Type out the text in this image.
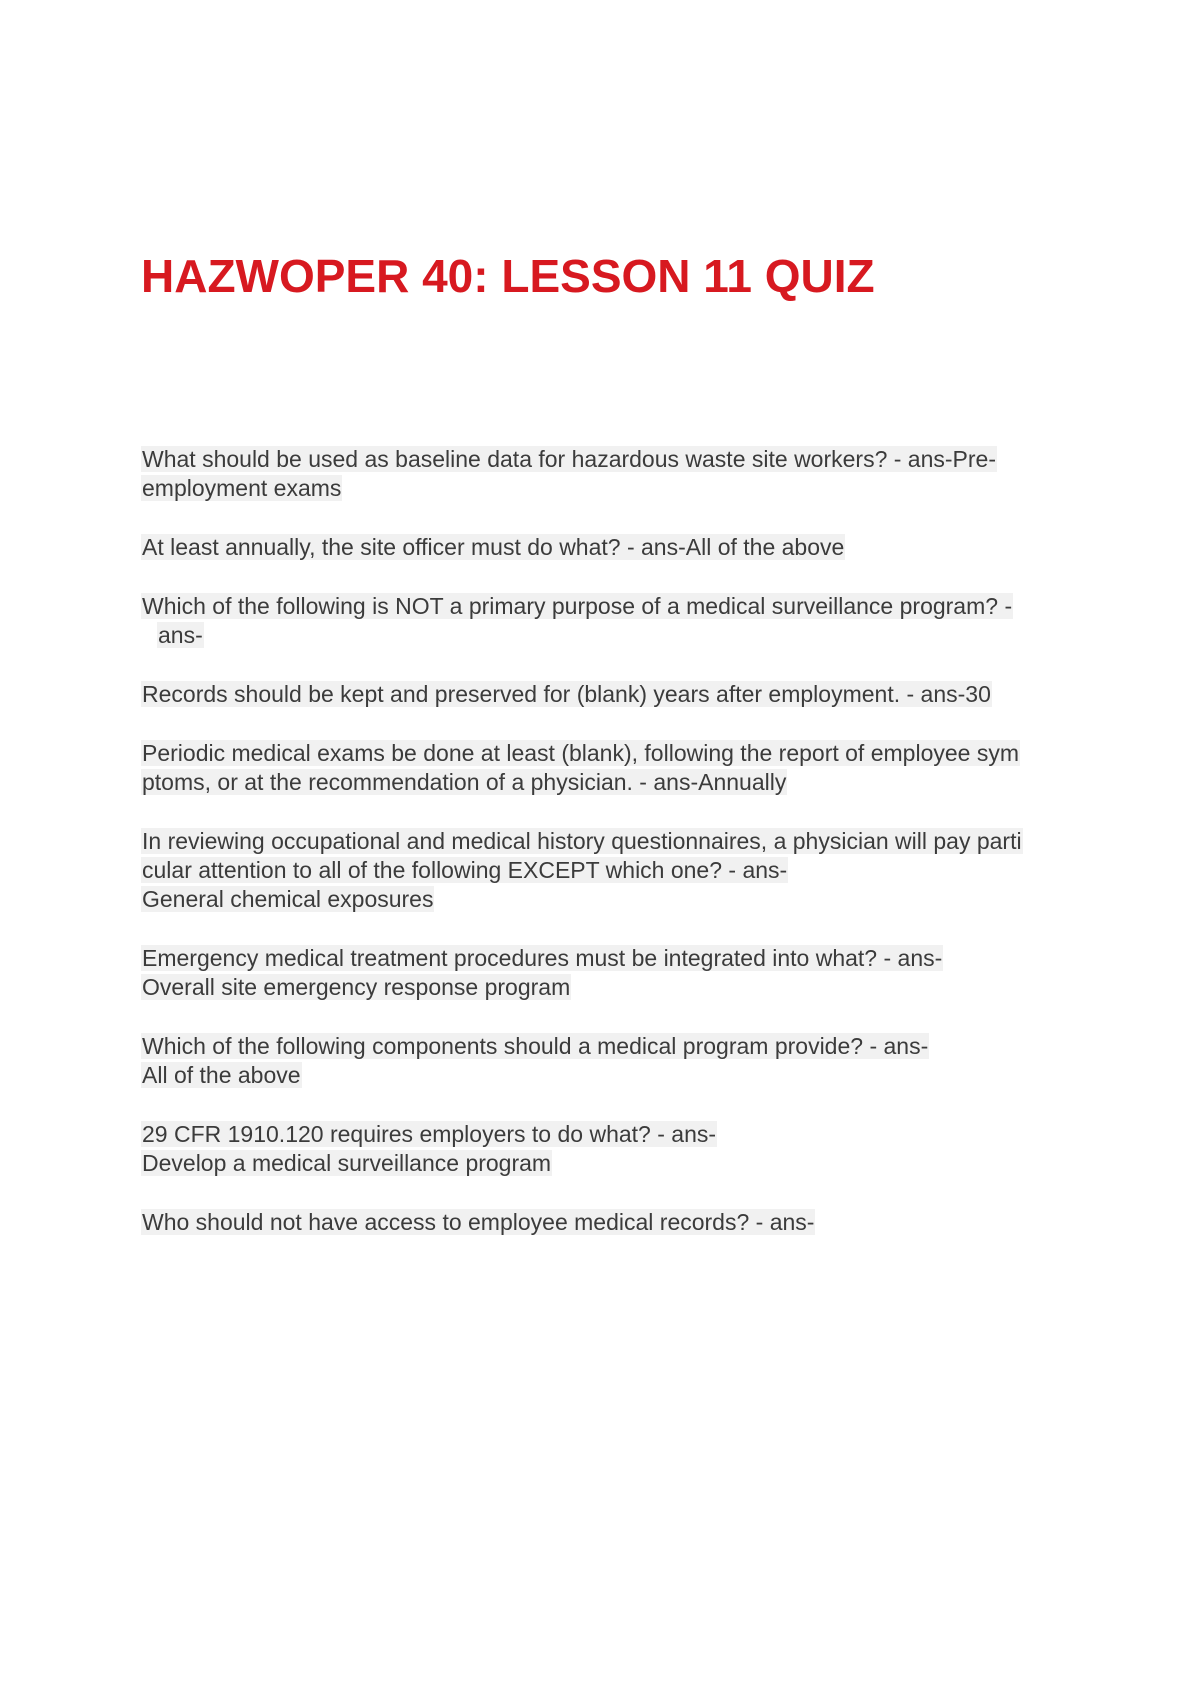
HAZWOPER 40: LESSON 11 QUIZ
What should be used as baseline data for hazardous waste site workers? - ans-Pre-
employment exams
At least annually, the site officer must do what? - ans-All of the above
Which of the following is NOT a primary purpose of a medical surveillance program? -
ans-
Records should be kept and preserved for (blank) years after employment. - ans-30
Periodic medical exams be done at least (blank), following the report of employee sym
ptoms, or at the recommendation of a physician. - ans-Annually
In reviewing occupational and medical history questionnaires, a physician will pay parti
cular attention to all of the following EXCEPT which one? - ans-
General chemical exposures
Emergency medical treatment procedures must be integrated into what? - ans-
Overall site emergency response program
Which of the following components should a medical program provide? - ans-
All of the above
29 CFR 1910.120 requires employers to do what? - ans-
Develop a medical surveillance program
Who should not have access to employee medical records? - ans-
